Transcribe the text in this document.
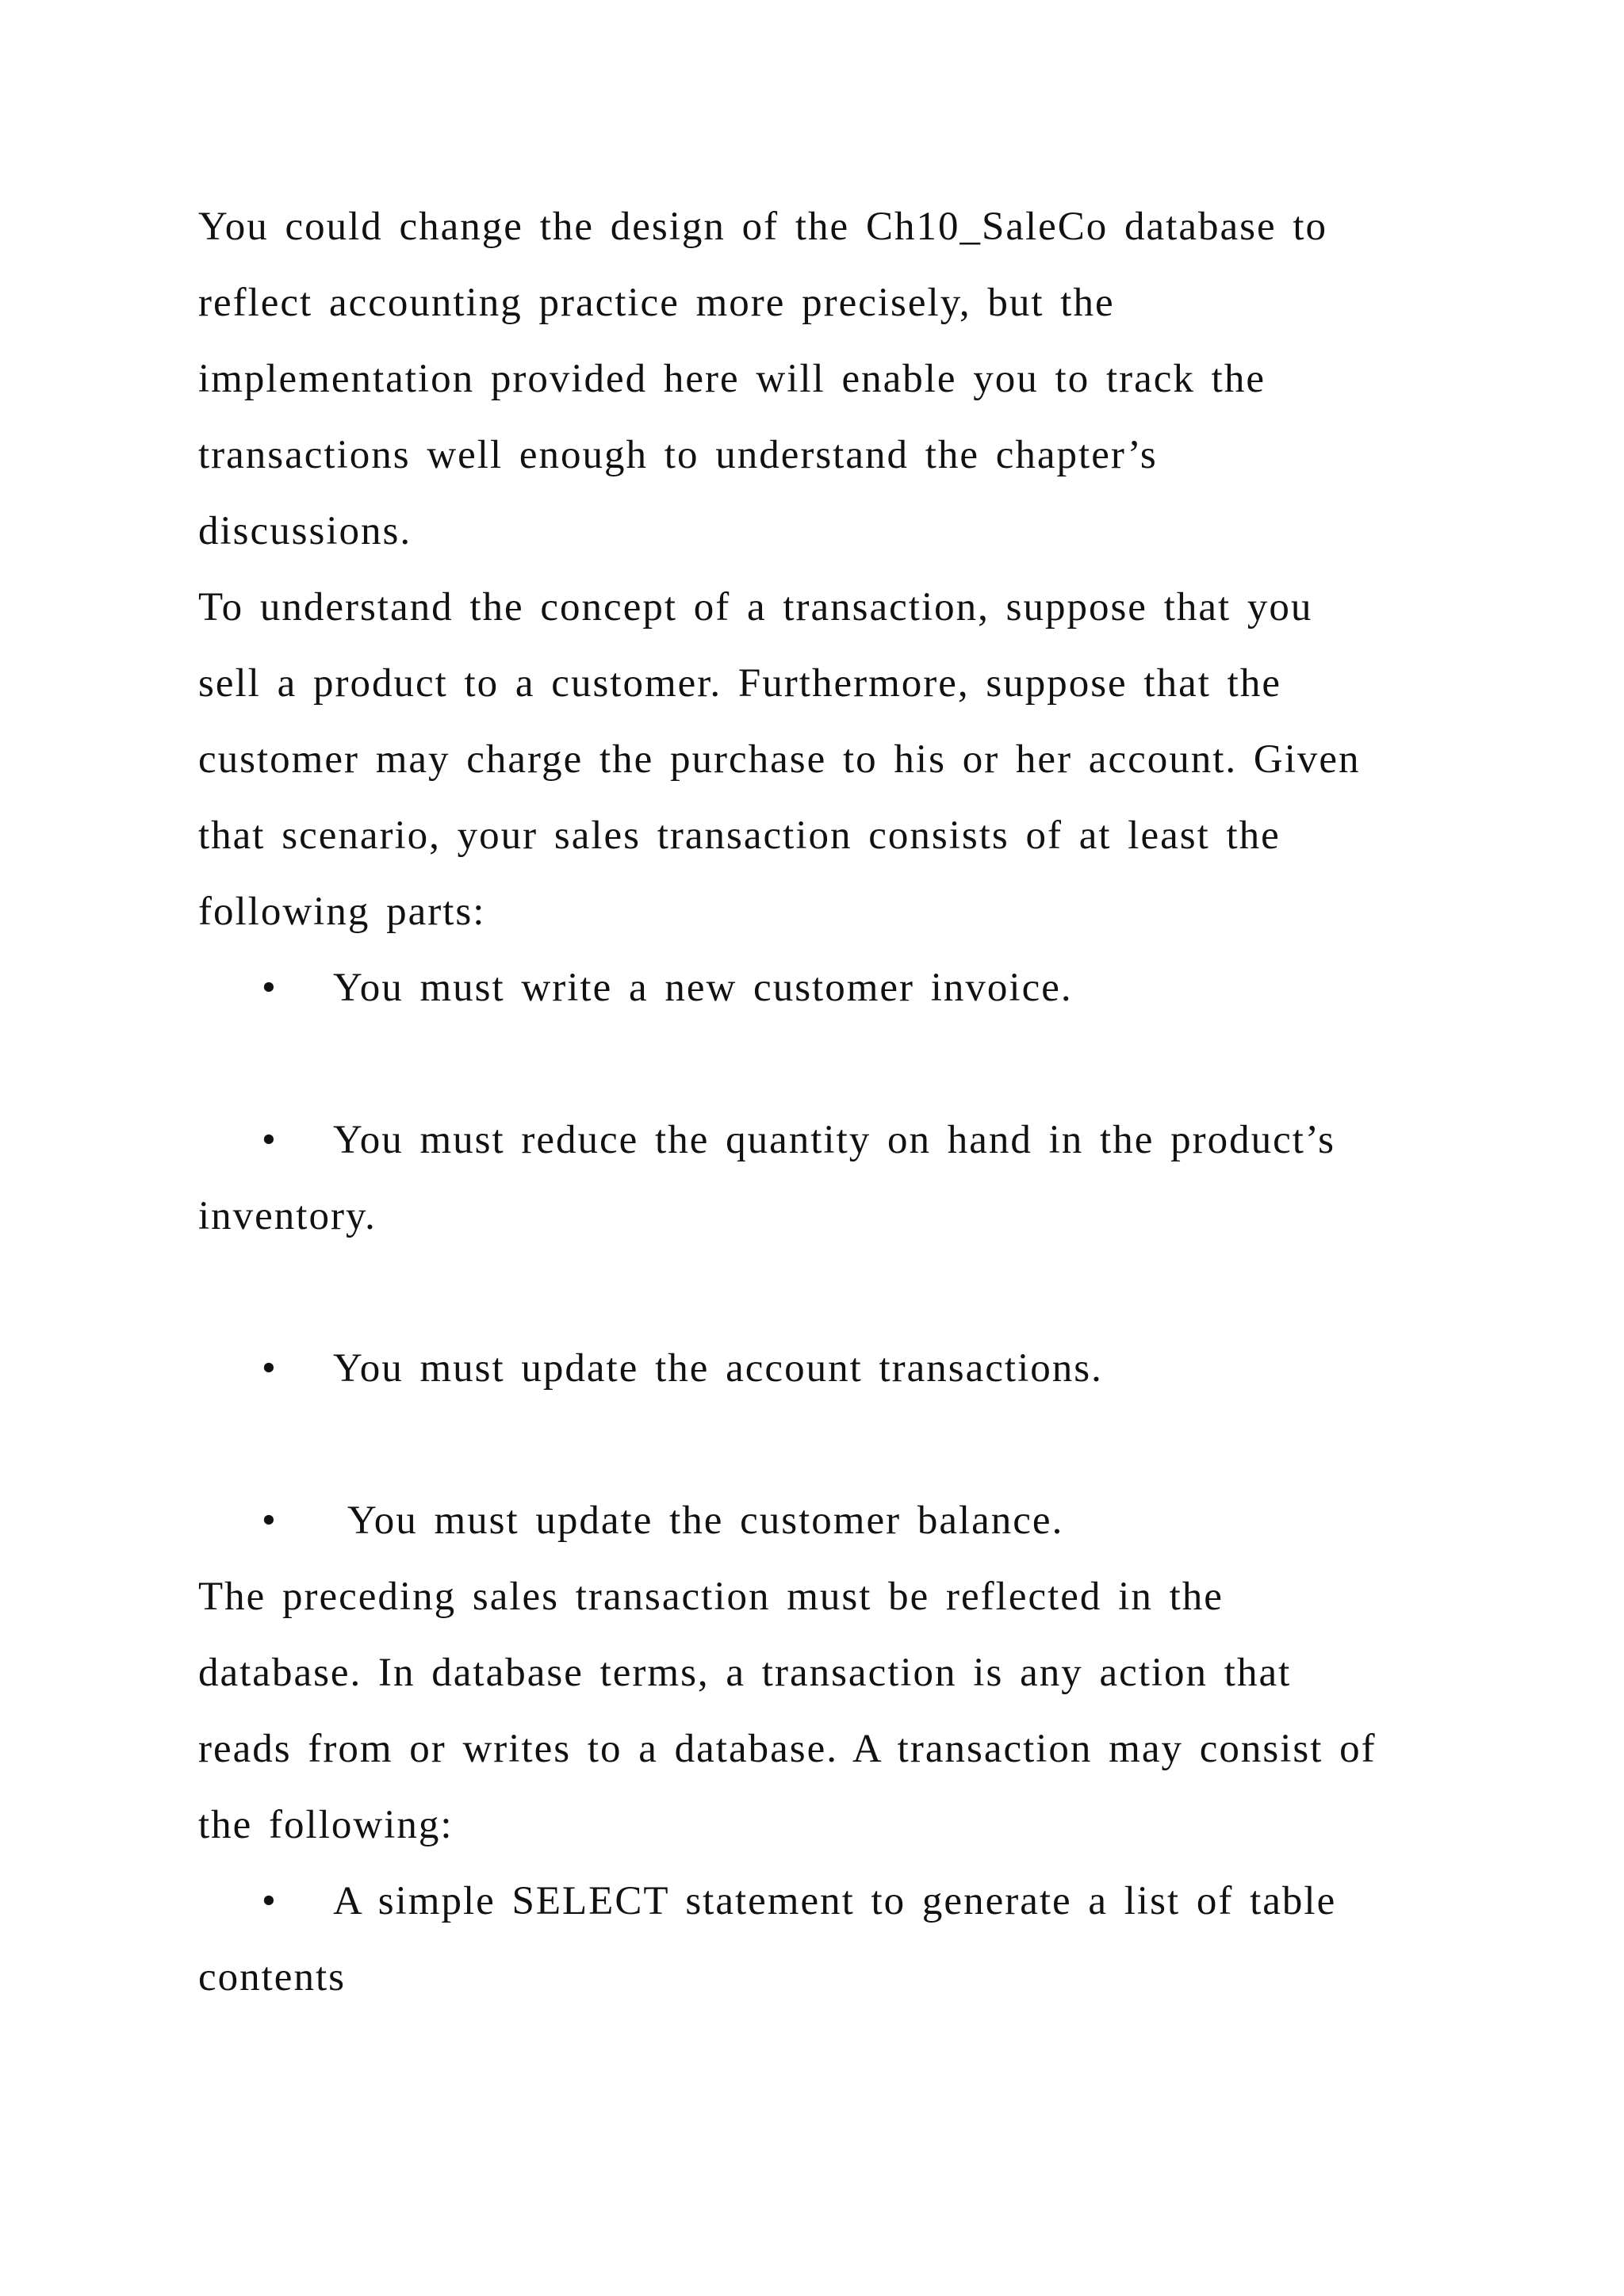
You could change the design of the Ch10_SaleCo database to
reflect accounting practice more precisely, but the
implementation provided here will enable you to track the
transactions well enough to understand the chapter’s
discussions.
To understand the concept of a transaction, suppose that you
sell a product to a customer. Furthermore, suppose that the
customer may charge the purchase to his or her account. Given
that scenario, your sales transaction consists of at least the
following parts:
• You must write a new customer invoice.
• You must reduce the quantity on hand in the product’s
inventory.
• You must update the account transactions.
• You must update the customer balance.
The preceding sales transaction must be reflected in the
database. In database terms, a transaction is any action that
reads from or writes to a database. A transaction may consist of
the following:
• A simple SELECT statement to generate a list of table
contents
